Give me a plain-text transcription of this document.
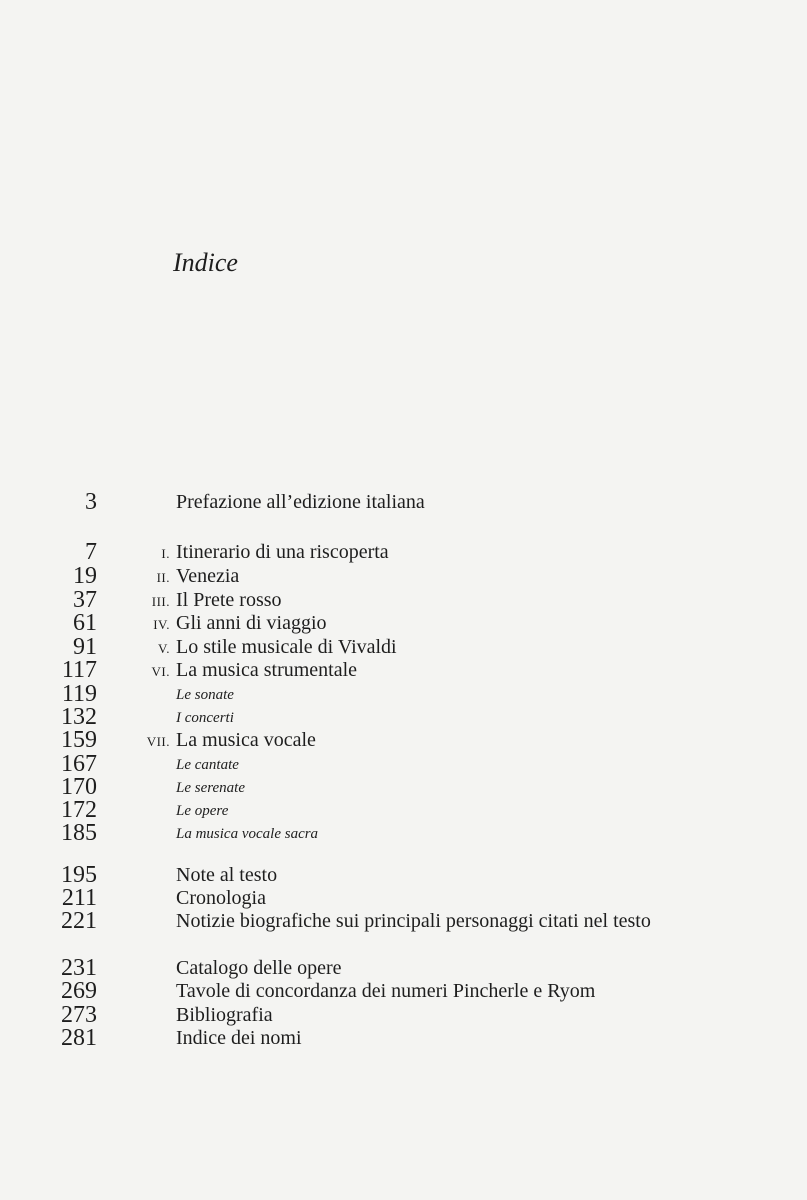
Indice
3	Prefazione all’edizione italiana
7	I. Itinerario di una riscoperta
19	II. Venezia
37	III. Il Prete rosso
61	IV. Gli anni di viaggio
91	V. Lo stile musicale di Vivaldi
117	VI. La musica strumentale
119	Le sonate
132	I concerti
159	VII. La musica vocale
167	Le cantate
170	Le serenate
172	Le opere
185	La musica vocale sacra
195	Note al testo
211	Cronologia
221	Notizie biografiche sui principali personaggi citati nel testo
231	Catalogo delle opere
269	Tavole di concordanza dei numeri Pincherle e Ryom
273	Bibliografia
281	Indice dei nomi
